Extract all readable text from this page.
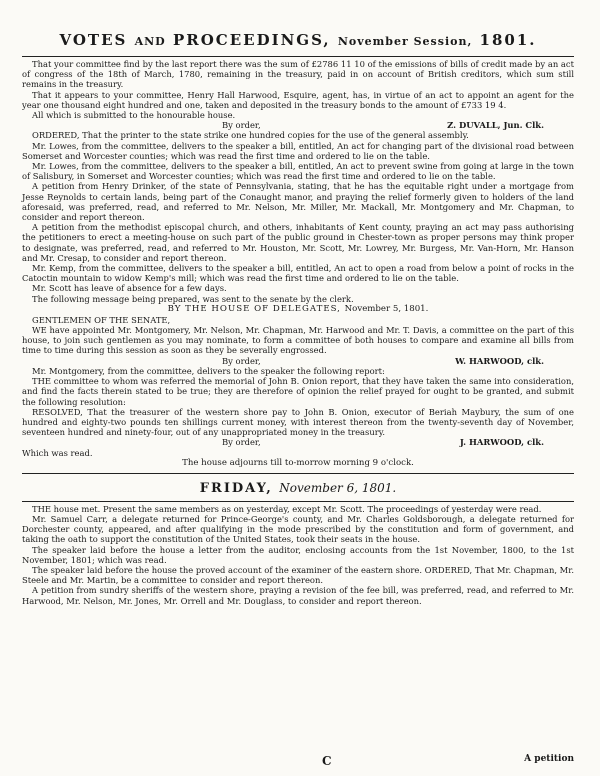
VOTES AND PROCEEDINGS, November Session, 1801.

That your committee find by the last report there was the sum of £2786 11 10 of the emissions of bills of credit made by an act of congress of the 18th of March, 1780, remaining in the treasury, paid in on account of British creditors, which sum still remains in the treasury.

That it appears to your committee, Henry Hall Harwood, Esquire, agent, has, in virtue of an act to appoint an agent for the year one thousand eight hundred and one, taken and deposited in the treasury bonds to the amount of £733 19 4.

All which is submitted to the honourable house.

By order,	Z. DUVALL, Jun. Clk.

ORDERED, That the printer to the state strike one hundred copies for the use of the general assembly.

Mr. Lowes, from the committee, delivers to the speaker a bill, entitled, An act for changing part of the divisional road between Somerset and Worcester counties; which was read the first time and ordered to lie on the table.

Mr. Lowes, from the committee, delivers to the speaker a bill, entitled, An act to prevent swine from going at large in the town of Salisbury, in Somerset and Worcester counties; which was read the first time and ordered to lie on the table.

A petition from Henry Drinker, of the state of Pennsylvania, stating, that he has the equitable right under a mortgage from Jesse Reynolds to certain lands, being part of the Conaught manor, and praying the relief formerly given to holders of the land aforesaid, was preferred, read, and referred to Mr. Nelson, Mr. Miller, Mr. Mackall, Mr. Montgomery and Mr. Chapman, to consider and report thereon.

A petition from the methodist episcopal church, and others, inhabitants of Kent county, praying an act may pass authorising the petitioners to erect a meeting-house on such part of the public ground in Chester-town as proper persons may think proper to designate, was preferred, read, and referred to Mr. Houston, Mr. Scott, Mr. Lowrey, Mr. Burgess, Mr. Van-Horn, Mr. Hanson and Mr. Cresap, to consider and report thereon.

Mr. Kemp, from the committee, delivers to the speaker a bill, entitled, An act to open a road from below a point of rocks in the Catoctin mountain to widow Kemp's mill; which was read the first time and ordered to lie on the table.

Mr. Scott has leave of absence for a few days.

The following message being prepared, was sent to the senate by the clerk.

BY THE HOUSE OF DELEGATES, November 5, 1801.
GENTLEMEN OF THE SENATE,

WE have appointed Mr. Montgomery, Mr. Nelson, Mr. Chapman, Mr. Harwood and Mr. T. Davis, a committee on the part of this house, to join such gentlemen as you may nominate, to form a committee of both houses to compare and examine all bills from time to time during this session as soon as they be severally engrossed.

By order,	W. HARWOOD, clk.

Mr. Montgomery, from the committee, delivers to the speaker the following report:

THE committee to whom was referred the memorial of John B. Onion report, that they have taken the same into consideration, and find the facts therein stated to be true; they are therefore of opinion the relief prayed for ought to be granted, and submit the following resolution:

RESOLVED, That the treasurer of the western shore pay to John B. Onion, executor of Beriah Maybury, the sum of one hundred and eighty-two pounds ten shillings current money, with interest thereon from the twenty-seventh day of November, seventeen hundred and ninety-four, out of any unappropriated money in the treasury.

By order,	J. HARWOOD, clk.

Which was read.

The house adjourns till to-morrow morning 9 o'clock.
FRIDAY, November 6, 1801.

THE house met. Present the same members as on yesterday, except Mr. Scott. The proceedings of yesterday were read.

Mr. Samuel Carr, a delegate returned for Prince-George's county, and Mr. Charles Goldsborough, a delegate returned for Dorchester county, appeared, and after qualifying in the mode prescribed by the constitution and form of government, and taking the oath to support the constitution of the United States, took their seats in the house.

The speaker laid before the house a letter from the auditor, enclosing accounts from the 1st November, 1800, to the 1st November, 1801; which was read.

The speaker laid before the house the proved account of the examiner of the eastern shore. ORDERED, That Mr. Chapman, Mr. Steele and Mr. Martin, be a committee to consider and report thereon.

A petition from sundry sheriffs of the western shore, praying a revision of the fee bill, was preferred, read, and referred to Mr. Harwood, Mr. Nelson, Mr. Jones, Mr. Orrell and Mr. Douglass, to consider and report thereon.

C	A petition
